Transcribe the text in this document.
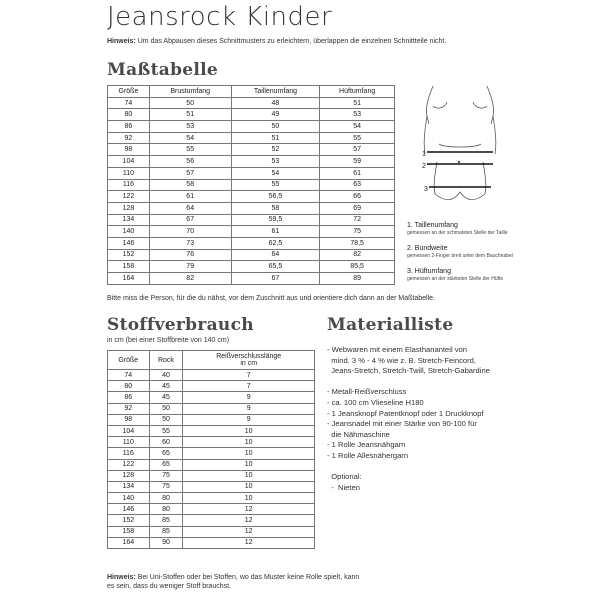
Jeansrock Kinder
Hinweis: Um das Abpausen dieses Schnittmusters zu erleichtern, überlappen die einzelnen Schnittteile nicht.
Maßtabelle
Größe	Brustumfang	Taillenumfang	Hüftumfang
74	50	48	51
80	51	49	53
86	53	50	54
92	54	51	55
98	55	52	57
104	56	53	59
110	57	54	61
116	58	55	63
122	61	56,5	66
128	64	58	69
134	67	59,5	72
140	70	61	75
146	73	62,5	78,5
152	76	64	82
158	79	65,5	85,5
164	82	67	89
Bitte miss die Person, für die du nähst, vor dem Zuschnitt aus und orientiere dich dann an der Maßtabelle.
1
2
3
1. Taillenumfang
gemessen an der schmalsten Stelle der Taille
2. Bundweite
gemessen 2-Finger breit unter dem Bauchnabel
3. Hüftumfang
gemessen an der stärksten Stelle der Hüfte
Stoffverbrauch
in cm (bei einer Stoffbreite von 140 cm)
Größe	Rock	Reißverschlusslänge
in cm
74	40	7
80	45	7
86	45	9
92	50	9
98	50	9
104	55	10
110	60	10
116	65	10
122	65	10
128	75	10
134	75	10
140	80	10
146	80	12
152	85	12
158	85	12
164	90	12
Hinweis: Bei Uni-Stoffen oder bei Stoffen, wo das Muster keine Rolle spielt, kann
es sein, dass du weniger Stoff brauchst.
Materialliste
- Webwaren mit einem Elasthananteil von
mind. 3 % - 4 % wie z. B. Stretch-Feincord,
Jeans-Stretch, Stretch-Twill, Stretch-Gabardine
- Metall-Reißverschluss
- ca. 100 cm Vlieseline H180
- 1 Jeansknopf Patentknopf oder 1 Druckknopf
- Jeansnadel mit einer Stärke von 90-100 für
die Nähmaschine
- 1 Rolle Jeansnähgarn
- 1 Rolle Allesnähergarn
Optional:
-  Nieten
